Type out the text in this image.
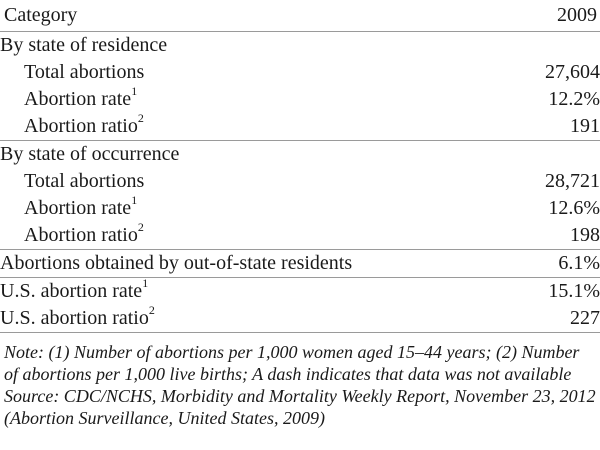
Category	2009
By state of residence	
Total abortions	27,604
Abortion rate$^1$	12.2%
Abortion ratio$^2$	191
By state of occurrence	
Total abortions	28,721
Abortion rate$^1$	12.6%
Abortion ratio$^2$	198
Abortions obtained by out-of-state residents	6.1%
U.S. abortion rate$^1$	15.1%
U.S. abortion ratio$^2$	227

Note: (1) Number of abortions per 1,000 women aged 15–44 years; (2) Number of abortions per 1,000 live births; A dash indicates that data was not available

Source: CDC/NCHS, Morbidity and Mortality Weekly Report, November 23, 2012 (Abortion Surveillance, United States, 2009)
